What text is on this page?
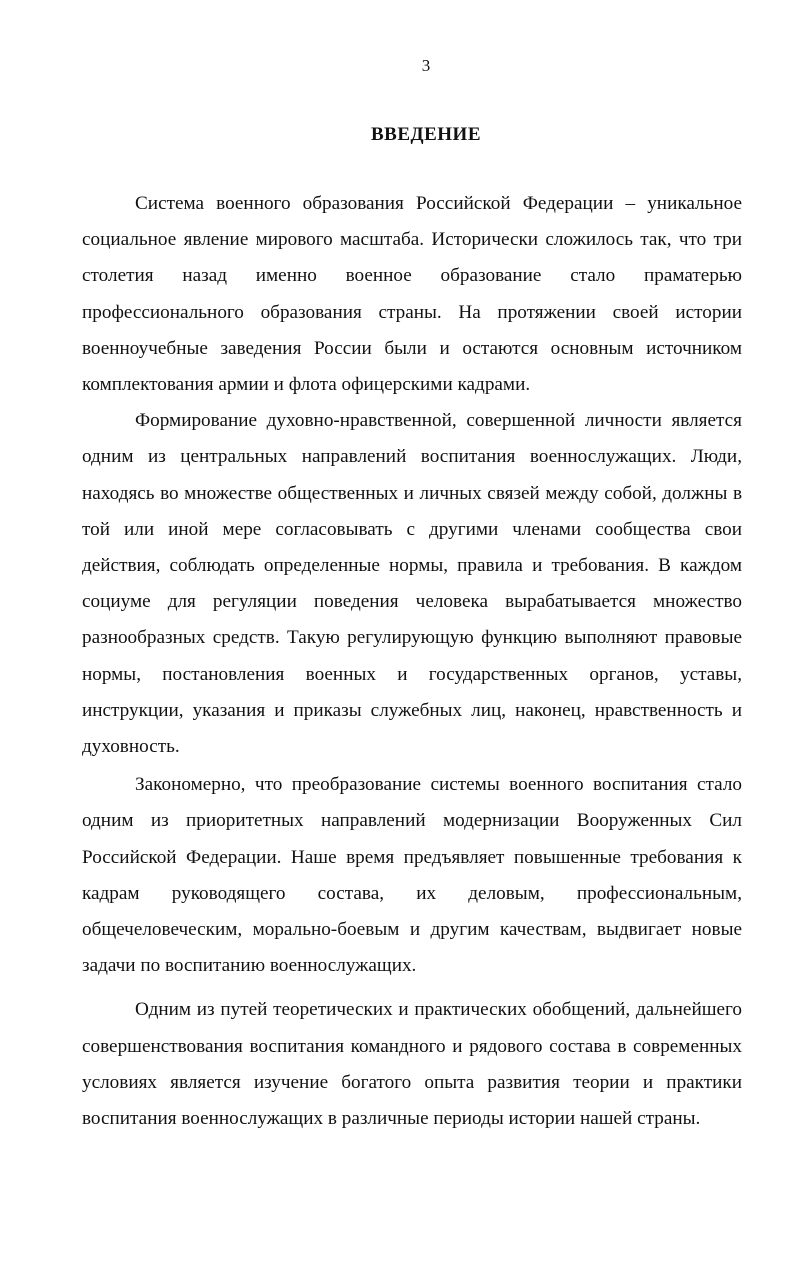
3
ВВЕДЕНИЕ

Система военного образования Российской Федерации – уникальное социальное явление мирового масштаба. Исторически сложилось так, что три столетия назад именно военное образование стало праматерью профессионального образования страны. На протяжении своей истории военноучебные заведения России были и остаются основным источником комплектования армии и флота офицерскими кадрами.

Формирование духовно-нравственной, совершенной личности является одним из центральных направлений воспитания военнослужащих. Люди, находясь во множестве общественных и личных связей между собой, должны в той или иной мере согласовывать с другими членами сообщества свои действия, соблюдать определенные нормы, правила и требования. В каждом социуме для регуляции поведения человека вырабатывается множество разнообразных средств. Такую регулирующую функцию выполняют правовые нормы, постановления военных и государственных органов, уставы, инструкции, указания и приказы служебных лиц, наконец, нравственность и духовность.

Закономерно, что преобразование системы военного воспитания стало одним из приоритетных направлений модернизации Вооруженных Сил Российской Федерации. Наше время предъявляет повышенные требования к кадрам руководящего состава, их деловым, профессиональным, общечеловеческим, морально-боевым и другим качествам, выдвигает новые задачи по воспитанию военнослужащих.

Одним из путей теоретических и практических обобщений, дальнейшего совершенствования воспитания командного и рядового состава в современных условиях является изучение богатого опыта развития теории и практики воспитания военнослужащих в различные периоды истории нашей страны.
